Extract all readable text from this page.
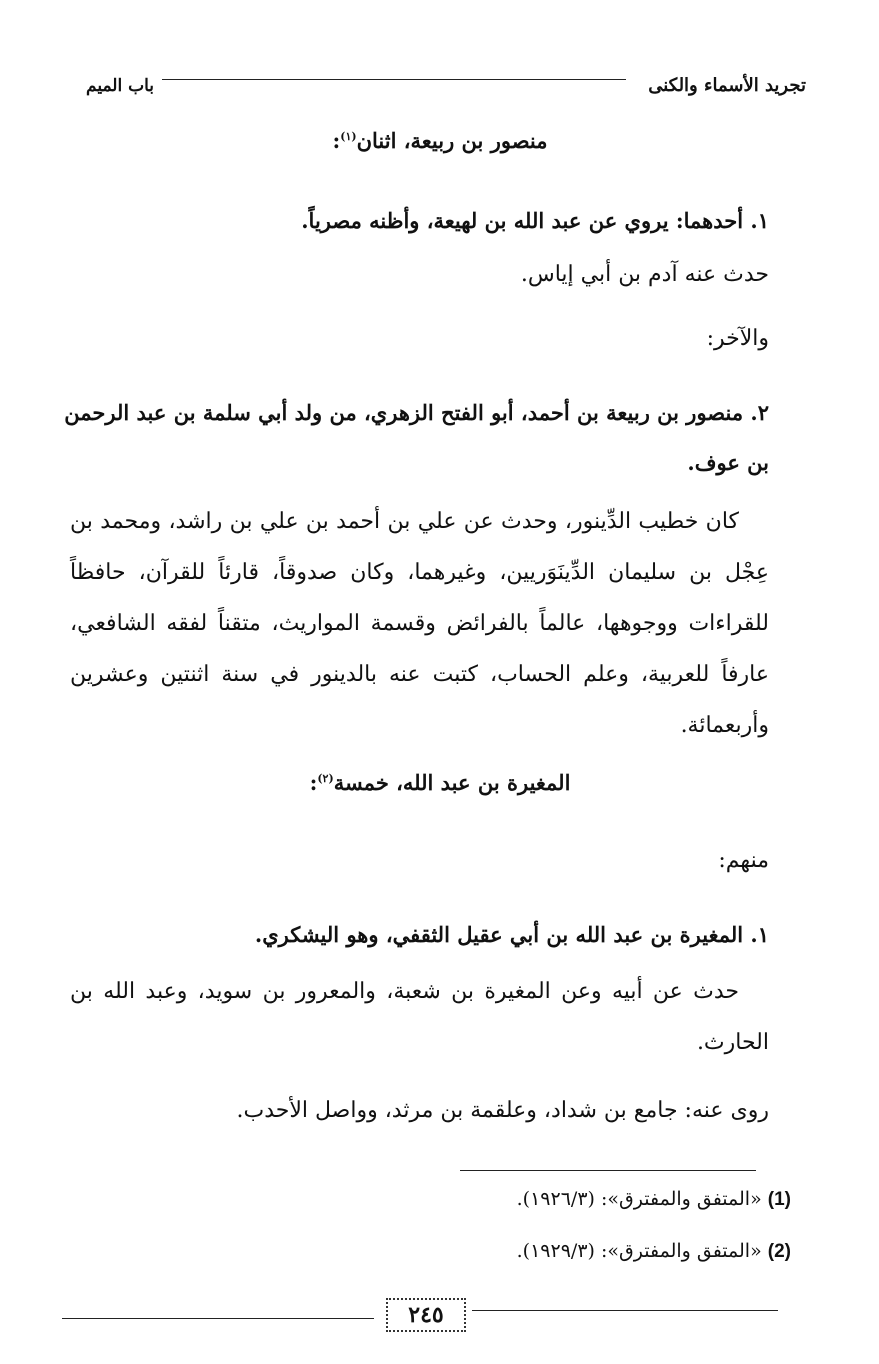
تجريد الأسماء والكنى
باب الميم
منصور بن ربيعة، اثنان$^{(١)}$:
١. أحدهما: يروي عن عبد الله بن لهيعة، وأظنه مصرياً.
حدث عنه آدم بن أبي إياس.
والآخر:
٢. منصور بن ربيعة بن أحمد، أبو الفتح الزهري، من ولد أبي سلمة بن عبد الرحمن بن عوف.
كان خطيب الدِّينور، وحدث عن علي بن أحمد بن علي بن راشد، ومحمد بن عِجْل بن سليمان الدِّينَوَريين، وغيرهما، وكان صدوقاً، قارئاً للقرآن، حافظاً للقراءات ووجوهها، عالماً بالفرائض وقسمة المواريث، متقناً لفقه الشافعي، عارفاً للعربية، وعلم الحساب، كتبت عنه بالدينور في سنة اثنتين وعشرين وأربعمائة.
المغيرة بن عبد الله، خمسة$^{(٢)}$:
منهم:
١. المغيرة بن عبد الله بن أبي عقيل الثقفي، وهو اليشكري.
حدث عن أبيه وعن المغيرة بن شعبة، والمعرور بن سويد، وعبد الله بن الحارث.
روى عنه: جامع بن شداد، وعلقمة بن مرثد، وواصل الأحدب.
(1) «المتفق والمفترق»: (١٩٢٦/٣).
(2) «المتفق والمفترق»: (١٩٢٩/٣).
٢٤٥
